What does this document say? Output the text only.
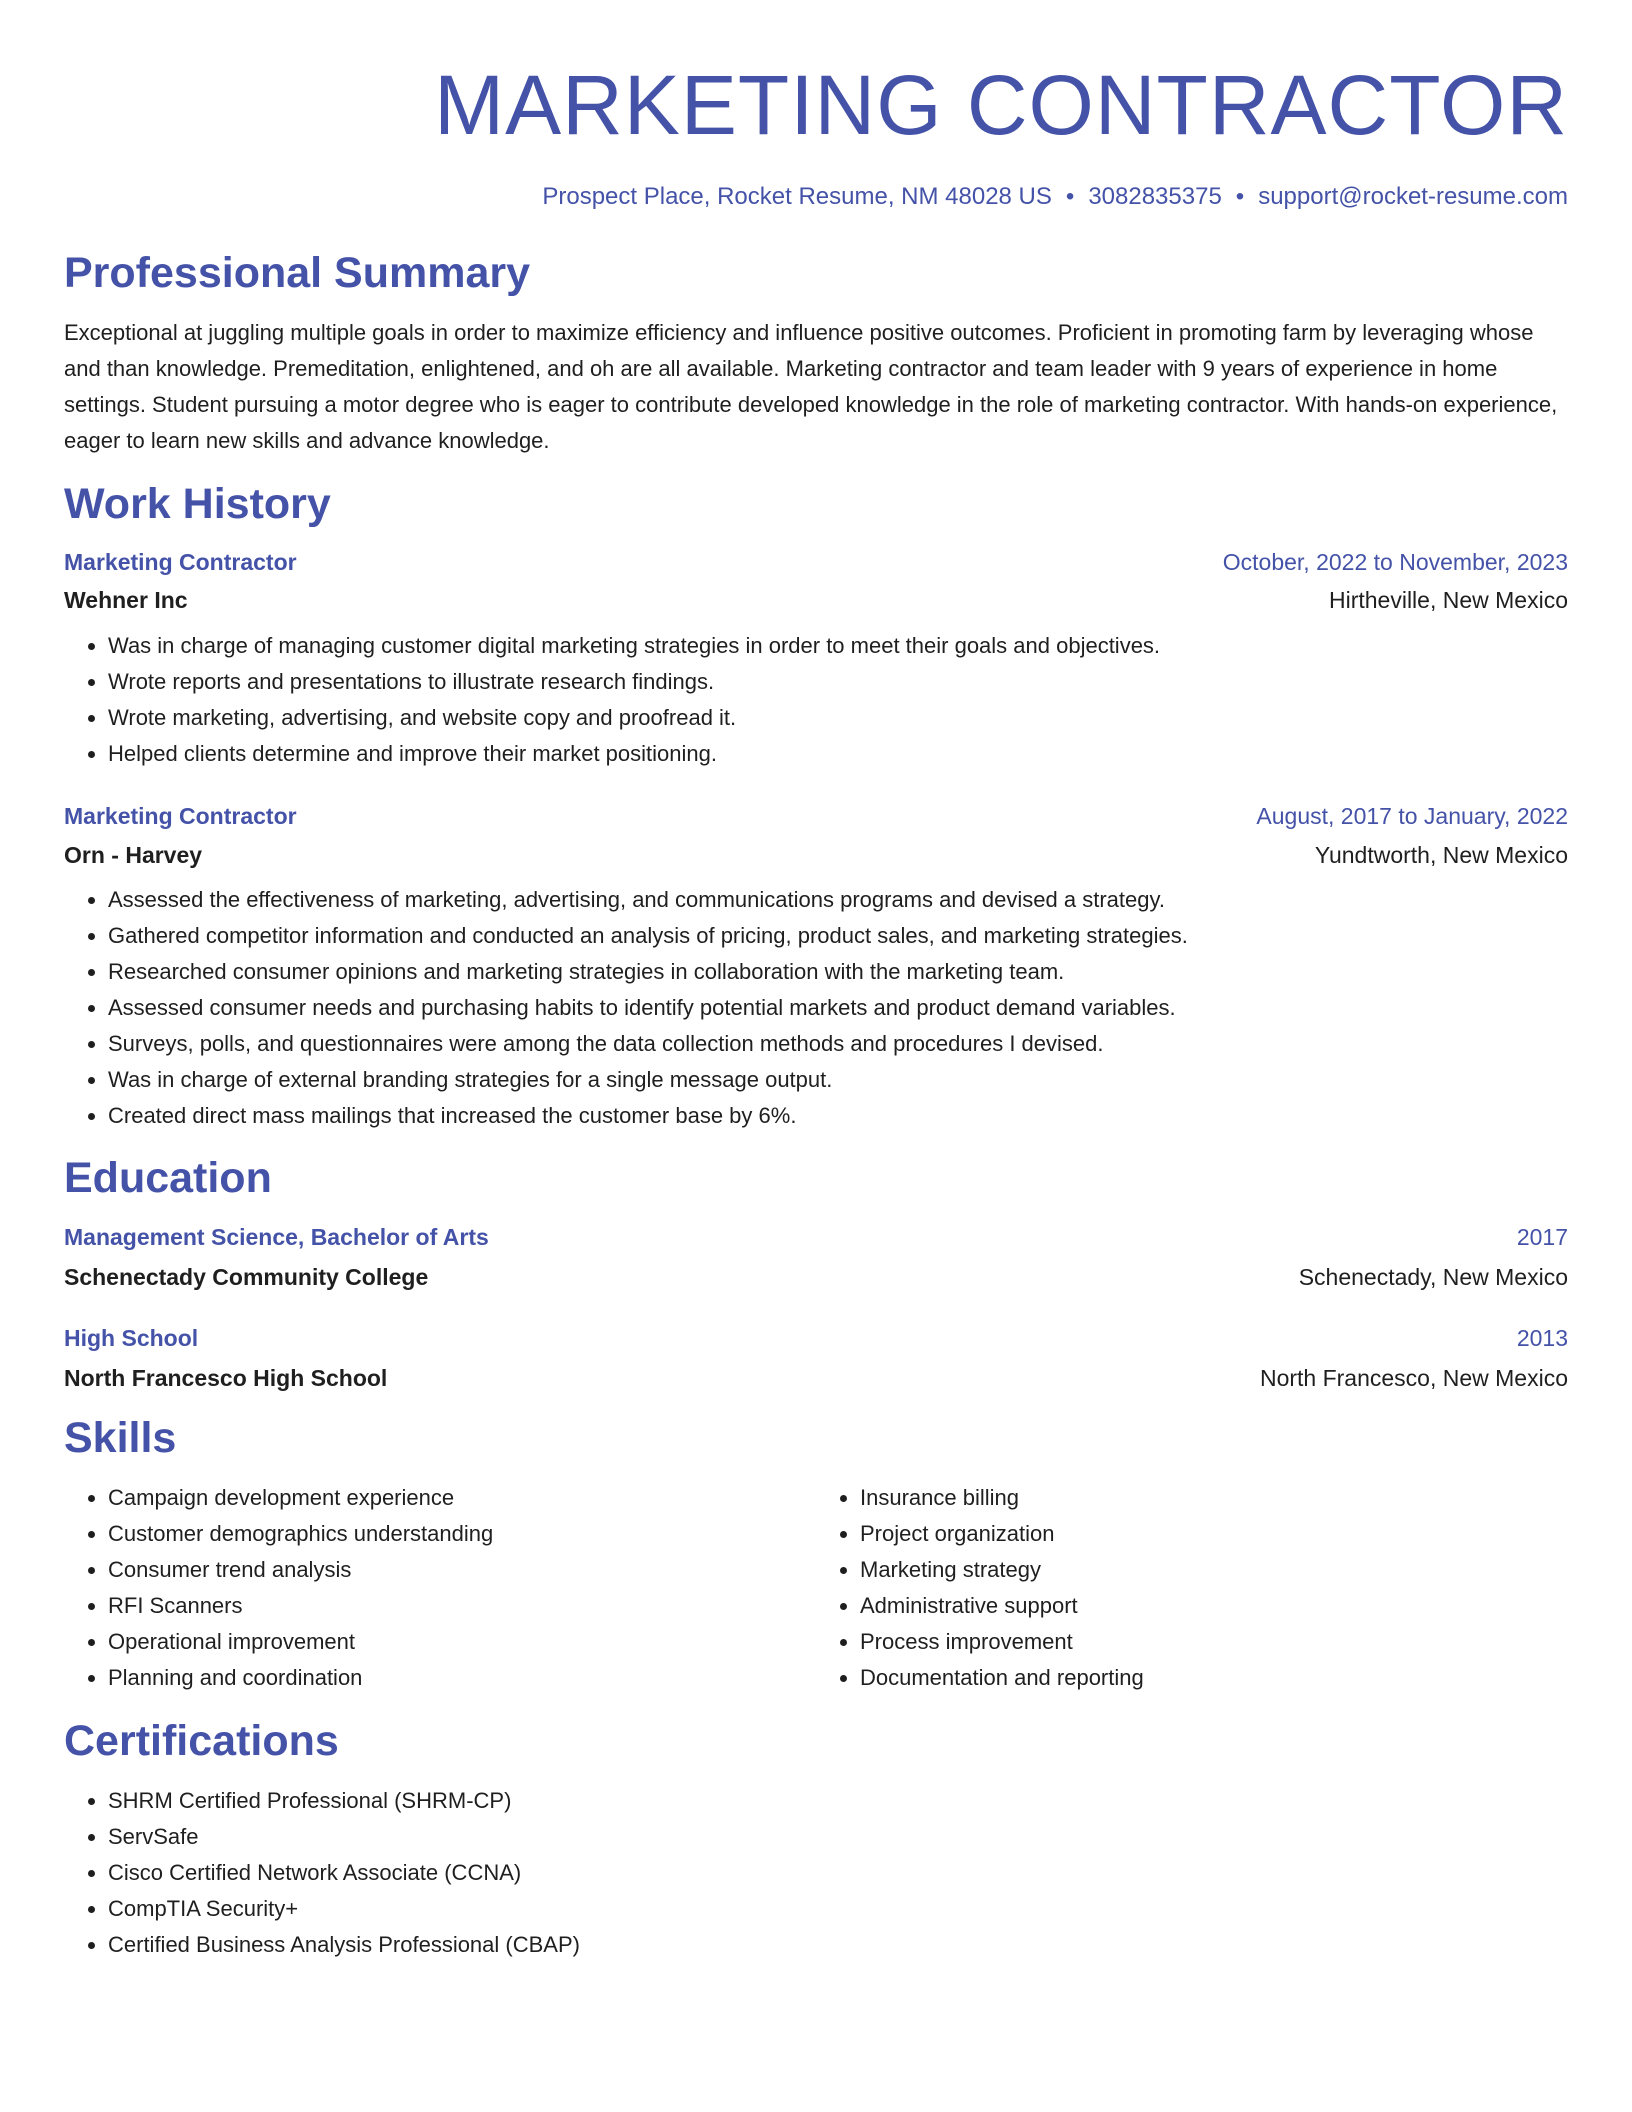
MARKETING CONTRACTOR
Prospect Place, Rocket Resume, NM 48028 US • 3082835375 • support@rocket-resume.com
Professional Summary
Exceptional at juggling multiple goals in order to maximize efficiency and influence positive outcomes. Proficient in promoting farm by leveraging whose and than knowledge. Premeditation, enlightened, and oh are all available. Marketing contractor and team leader with 9 years of experience in home settings. Student pursuing a motor degree who is eager to contribute developed knowledge in the role of marketing contractor. With hands-on experience, eager to learn new skills and advance knowledge.
Work History
Marketing Contractor	October, 2022 to November, 2023
Wehner Inc	Hirtheville, New Mexico
• Was in charge of managing customer digital marketing strategies in order to meet their goals and objectives.
• Wrote reports and presentations to illustrate research findings.
• Wrote marketing, advertising, and website copy and proofread it.
• Helped clients determine and improve their market positioning.
Marketing Contractor	August, 2017 to January, 2022
Orn - Harvey	Yundtworth, New Mexico
• Assessed the effectiveness of marketing, advertising, and communications programs and devised a strategy.
• Gathered competitor information and conducted an analysis of pricing, product sales, and marketing strategies.
• Researched consumer opinions and marketing strategies in collaboration with the marketing team.
• Assessed consumer needs and purchasing habits to identify potential markets and product demand variables.
• Surveys, polls, and questionnaires were among the data collection methods and procedures I devised.
• Was in charge of external branding strategies for a single message output.
• Created direct mass mailings that increased the customer base by 6%.
Education
Management Science, Bachelor of Arts	2017
Schenectady Community College	Schenectady, New Mexico
High School	2013
North Francesco High School	North Francesco, New Mexico
Skills
• Campaign development experience
• Customer demographics understanding
• Consumer trend analysis
• RFI Scanners
• Operational improvement
• Planning and coordination
• Insurance billing
• Project organization
• Marketing strategy
• Administrative support
• Process improvement
• Documentation and reporting
Certifications
• SHRM Certified Professional (SHRM-CP)
• ServSafe
• Cisco Certified Network Associate (CCNA)
• CompTIA Security+
• Certified Business Analysis Professional (CBAP)
